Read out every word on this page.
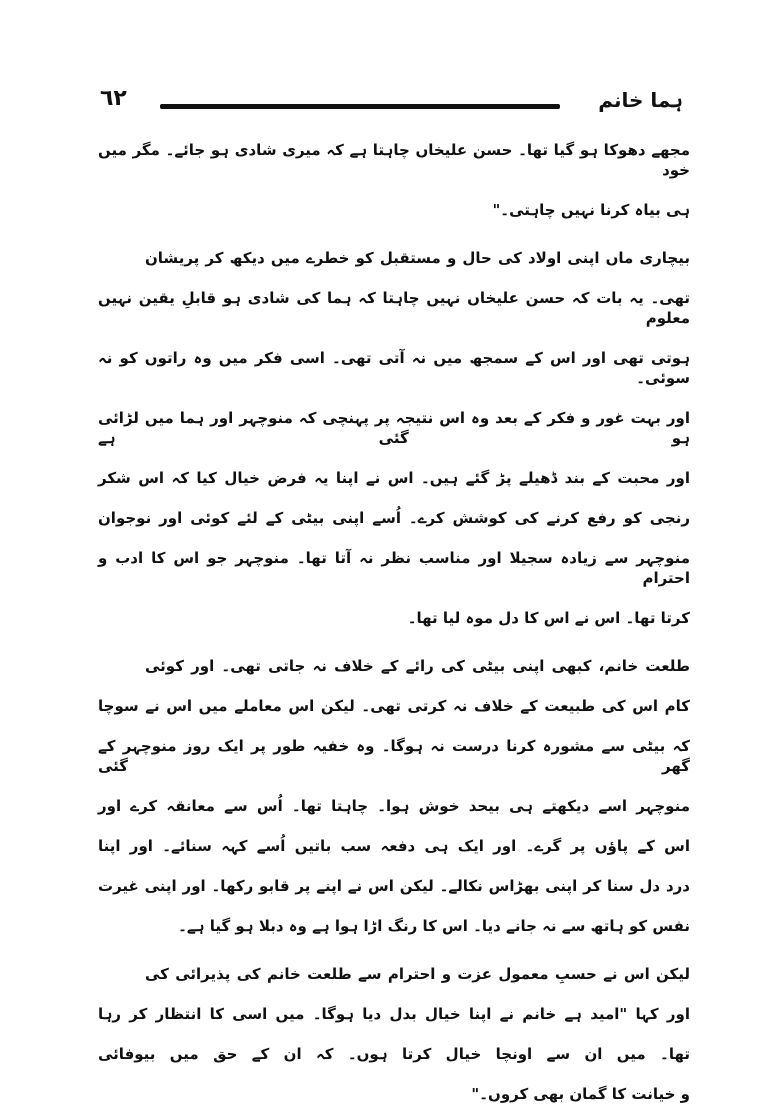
ہما خانم
٦٢
مجھے دھوکا ہو گیا تھا۔ حسن علیخاں چاہتا ہے کہ میری شادی ہو جائے۔ مگر میں خود
ہی بیاہ کرنا نہیں چاہتی۔"
بیچاری ماں اپنی اولاد کی حال و مستقبل کو خطرے میں دیکھ کر پریشان
تھی۔ یہ بات کہ حسن علیخاں نہیں چاہتا کہ ہما کی شادی ہو قابلِ یقین نہیں معلوم
ہوتی تھی اور اس کے سمجھ میں نہ آتی تھی۔ اسی فکر میں وہ راتوں کو نہ سوئی۔
اور بہت غور و فکر کے بعد وہ اس نتیجہ پر پہنچی کہ منوچہر اور ہما میں لڑائی ہو گئی ہے
اور محبت کے بند ڈھیلے پڑ گئے ہیں۔ اس نے اپنا یہ فرض خیال کیا کہ اس شکر
رنجی کو رفع کرنے کی کوشش کرے۔ اُسے اپنی بیٹی کے لئے کوئی اور نوجوان
منوچہر سے زیادہ سجیلا اور مناسب نظر نہ آتا تھا۔ منوچہر جو اس کا ادب و احترام
کرتا تھا۔ اس نے اس کا دل موہ لیا تھا۔
طلعت خانم، کبھی اپنی بیٹی کی رائے کے خلاف نہ جاتی تھی۔ اور کوئی
کام اس کی طبیعت کے خلاف نہ کرتی تھی۔ لیکن اس معاملے میں اس نے سوچا
کہ بیٹی سے مشورہ کرنا درست نہ ہوگا۔ وہ خفیہ طور پر ایک روز منوچہر کے گھر گئی
منوچہر اسے دیکھتے ہی بیحد خوش ہوا۔ چاہتا تھا۔ اُس سے معانقہ کرے اور
اس کے پاؤں پر گرے۔ اور ایک ہی دفعہ سب باتیں اُسے کہہ سنائے۔ اور اپنا
درد دل سنا کر اپنی بھڑاس نکالے۔ لیکن اس نے اپنے پر قابو رکھا۔ اور اپنی غیرت
نفس کو ہاتھ سے نہ جانے دیا۔ اس کا رنگ اڑا ہوا ہے وہ دبلا ہو گیا ہے۔
لیکن اس نے حسبِ معمول عزت و احترام سے طلعت خانم کی پذیرائی کی
اور کہا "امید ہے خانم نے اپنا خیال بدل دیا ہوگا۔ میں اسی کا انتظار کر رہا
تھا۔ میں ان سے اونچا خیال کرتا ہوں۔ کہ ان کے حق میں بیوفائی
و خیانت کا گمان بھی کروں۔"
